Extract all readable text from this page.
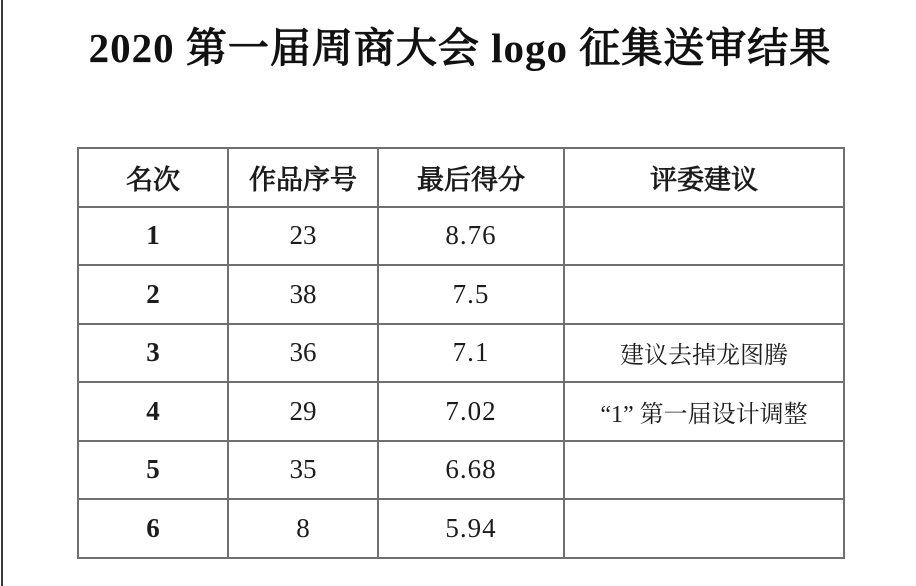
2020 第一届周商大会 logo 征集送审结果
名次	作品序号	最后得分	评委建议
1	23	8.76	
2	38	7.5	
3	36	7.1	建议去掉龙图腾
4	29	7.02	“1” 第一届设计调整
5	35	6.68	
6	8	5.94	
